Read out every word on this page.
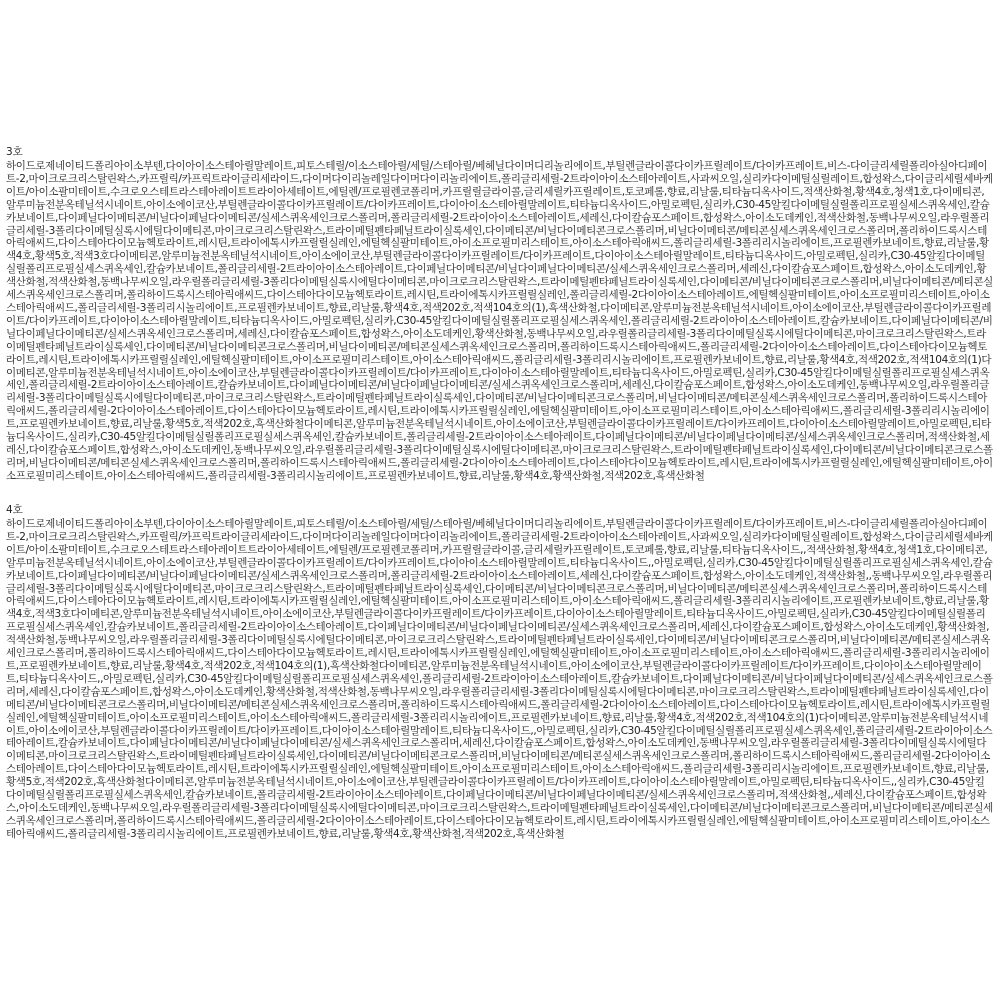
3호

하이드로제네이티드폴리아이소부텐,다이아이소스테아릴말레이트,피토스테릴/이소스테아릴/세틸/스테아릴/베헤닐다이머디리놀리에이트,부틸렌글라이콜다이카프릴레이트/다이카프레이트,비스-다이글리세릴폴리아실아디페이트-2,마이크로크리스탈린왁스,카프릴릭/카프릭트라이글리세라이드,다이머다이리놀레일다이머다이리놀리에이트,폴리글리세릴-2트라이아이소스테아레이트,사과씨오일,실리카다이메틸실릴레이트,합성왁스,다이글리세릴세바케이트/아이소팔미테이트,수크로오스테트라스테아레이트트라이아세테이트,에틸렌/프로필렌코폴리머,카프릴릴글라이콜,글리세릴카프릴레이트,토코페롤,향료,리날룰,티타늄디옥사이드,적색산화철,황색4호,청색1호,다이메티콘,알루미늄전분옥테닐석시네이트,아이소에이코산,부틸렌글라이콜다이카프릴레이트/다이카프레이트,다이아이소스테아릴말레이트,티타늄디옥사이드,아밀로펙틴,실리카,C30-45알킬다이메틸실릴폴리프로필실세스퀴옥세인,칼슘카보네이트,다이페닐다이메티콘/비닐다이페닐다이메티콘/실세스퀴옥세인크로스폴리머,폴리글리세릴-2트라이아이소스테아레이트,세레신,다이칼슘포스페이트,합성왁스,아이소도데케인,적색산화철,동백나무씨오일,라우릴폴리글리세릴-3폴리다이메틸실록시에틸다이메티콘,마이크로크리스탈린왁스,트라이메틸펜타페닐트라이실록세인,다이메티콘/비닐다이메티콘크로스폴리머,비닐다이메티콘/메티콘실세스퀴옥세인크로스폴리머,폴리하이드록시스테아릭애씨드,다이스테아다이모늄헥토라이트,레시틴,트라이에톡시카프릴릴실레인,에틸헥실팔미테이트,아이소프로필미리스테이트,아이소스테아릭애씨드,폴리글리세릴-3폴리리시놀리에이트,프로필렌카보네이트,향료,리날룰,황색4호,황색5호,적색3호다이메티콘,알루미늄전분옥테닐석시네이트,아이소에이코산,부틸렌글라이콜다이카프릴레이트/다이카프레이트,다이아이소스테아릴말레이트,티타늄디옥사이드,아밀로펙틴,실리카,C30-45알킬다이메틸실릴폴리프로필실세스퀴옥세인,칼슘카보네이트,폴리글리세릴-2트라이아이소스테아레이트,다이페닐다이메티콘/비닐다이페닐다이메티콘/실세스퀴옥세인크로스폴리머,세레신,다이칼슘포스페이트,합성왁스,아이소도데케인,황색산화철,적색산화철,동백나무씨오일,라우릴폴리글리세릴-3폴리다이메틸실록시에틸다이메티콘,마이크로크리스탈린왁스,트라이메틸펜타페닐트라이실록세인,다이메티콘/비닐다이메티콘크로스폴리머,비닐다이메티콘/메티콘실세스퀴옥세인크로스폴리머,폴리하이드록시스테아릭애씨드,다이스테아다이모늄헥토라이트,레시틴,트라이에톡시카프릴릴실레인,폴리글리세릴-2다이아이소스테아레이트,에틸헥실팔미테이트,아이소프로필미리스테이트,아이소스테아릭애씨드,폴리글리세릴-3폴리리시놀리에이트,프로필렌카보네이트,향료,리날룰,황색4호,적색202호,적색104호의(1),흑색산화철,다이메티콘,알루미늄전분옥테닐석시네이트,아이소에이코산,부틸렌글라이콜다이카프릴레이트/다이카프레이트,다이아이소스테아릴말레이트,티타늄디옥사이드,아밀로펙틴,실리카,C30-45알킬다이메틸실릴폴리프로필실세스퀴옥세인,폴리글리세릴-2트라이아이소스테아레이트,칼슘카보네이트,다이페닐다이메티콘/비닐다이페닐다이메티콘/실세스퀴옥세인크로스폴리머,세레신,다이칼슘포스페이트,합성왁스,아이소도데케인,황색산화철,동백나무씨오일,라우릴폴리글리세릴-3폴리다이메틸실록시에틸다이메티콘,마이크로크리스탈린왁스,트라이메틸펜타페닐트라이실록세인,다이메티콘/비닐다이메티콘크로스폴리머,비닐다이메티콘/메티콘실세스퀴옥세인크로스폴리머,폴리하이드록시스테아릭애씨드,폴리글리세릴-2다이아이소스테아레이트,다이스테아다이모늄헥토라이트,레시틴,트라이에톡시카프릴릴실레인,에틸헥실팔미테이트,아이소프로필미리스테이트,아이소스테아릭애씨드,폴리글리세릴-3폴리리시놀리에이트,프로필렌카보네이트,향료,리날룰,황색4호,적색202호,적색104호의(1)다이메티콘,알루미늄전분옥테닐석시네이트,아이소에이코산,부틸렌글라이콜다이카프릴레이트/다이카프레이트,다이아이소스테아릴말레이트,티타늄디옥사이드,아밀로펙틴,실리카,C30-45알킬다이메틸실릴폴리프로필실세스퀴옥세인,폴리글리세릴-2트라이아이소스테아레이트,칼슘카보네이트,다이페닐다이메티콘/비닐다이페닐다이메티콘/실세스퀴옥세인크로스폴리머,세레신,다이칼슘포스페이트,합성왁스,아이소도데케인,동백나무씨오일,라우릴폴리글리세릴-3폴리다이메틸실록시에틸다이메티콘,마이크로크리스탈린왁스,트라이메틸펜타페닐트라이실록세인,다이메티콘/비닐다이메티콘크로스폴리머,비닐다이메티콘/메티콘실세스퀴옥세인크로스폴리머,폴리하이드록시스테아릭애씨드,폴리글리세릴-2다이아이소스테아레이트,다이스테아다이모늄헥토라이트,레시틴,트라이에톡시카프릴릴실레인,에틸헥실팔미테이트,아이소프로필미리스테이트,아이소스테아릭애씨드,폴리글리세릴-3폴리리시놀리에이트,프로필렌카보네이트,향료,리날룰,황색5호,적색202호,흑색산화철다이메티콘,알루미늄전분옥테닐석시네이트,아이소에이코산,부틸렌글라이콜다이카프릴레이트/다이카프레이트,다이아이소스테아릴말레이트,아밀로펙틴,티타늄디옥사이드,실리카,C30-45알킬다이메틸실릴폴리프로필실세스퀴옥세인,칼슘카보네이트,폴리글리세릴-2트라이아이소스테아레이트,다이페닐다이메티콘/비닐다이페닐다이메티콘/실세스퀴옥세인크로스폴리머,적색산화철,세레신,다이칼슘포스페이트,합성왁스,아이소도데케인,동백나무씨오일,라우릴폴리글리세릴-3폴리다이메틸실록시에틸다이메티콘,마이크로크리스탈린왁스,트라이메틸펜타페닐트라이실록세인,다이메티콘/비닐다이메티콘크로스폴리머,비닐다이메티콘/메티콘실세스퀴옥세인크로스폴리머,폴리하이드록시스테아릭애씨드,폴리글리세릴-2다이아이소스테아레이트,다이스테아다이모늄헥토라이트,레시틴,트라이에톡시카프릴릴실레인,에틸헥실팔미테이트,아이소프로필미리스테이트,아이소스테아릭애씨드,폴리글리세릴-3폴리리시놀리에이트,프로필렌카보네이트,향료,리날룰,황색4호,황색산화철,적색202호,흑색산화철

4호

하이드로제네이티드폴리아이소부텐,다이아이소스테아릴말레이트,피토스테릴/이소스테아릴/세틸/스테아릴/베헤닐다이머디리놀리에이트,부틸렌글라이콜다이카프릴레이트/다이카프레이트,비스-다이글리세릴폴리아실아디페이트-2,마이크로크리스탈린왁스,카프릴릭/카프릭트라이글리세라이드,다이머다이리놀레일다이머다이리놀리에이트,폴리글리세릴-2트라이아이소스테아레이트,사과씨오일,실리카다이메틸실릴레이트,합성왁스,다이글리세릴세바케이트/아이소팔미테이트,수크로오스테트라스테아레이트트라이아세테이트,에틸렌/프로필렌코폴리머,카프릴릴글라이콜,글리세릴카프릴레이트,토코페롤,향료,리날룰,티타늄디옥사이드,,적색산화철,황색4호,청색1호,다이메티콘,알루미늄전분옥테닐석시네이트,아이소에이코산,부틸렌글라이콜다이카프릴레이트/다이카프레이트,다이아이소스테아릴말레이트,티타늄디옥사이드,,아밀로펙틴,실리카,C30-45알킬다이메틸실릴폴리프로필실세스퀴옥세인,칼슘카보네이트,다이페닐다이메티콘/비닐다이페닐다이메티콘/실세스퀴옥세인크로스폴리머,폴리글리세릴-2트라이아이소스테아레이트,세레신,다이칼슘포스페이트,합성왁스,아이소도데케인,적색산화철,,동백나무씨오일,라우릴폴리글리세릴-3폴리다이메틸실록시에틸다이메티콘,마이크로크리스탈린왁스,트라이메틸펜타페닐트라이실록세인,다이메티콘/비닐다이메티콘크로스폴리머,비닐다이메티콘/메티콘실세스퀴옥세인크로스폴리머,폴리하이드록시스테아릭애씨드,다이스테아다이모늄헥토라이트,레시틴,트라이에톡시카프릴릴실레인,에틸헥실팔미테이트,아이소프로필미리스테이트,아이소스테아릭애씨드,폴리글리세릴-3폴리리시놀리에이트,프로필렌카보네이트,향료,리날룰,황색4호,적색3호다이메티콘,알루미늄전분옥테닐석시네이트,아이소에이코산,부틸렌글라이콜다이카프릴레이트/다이카프레이트,다이아이소스테아릴말레이트,티타늄디옥사이드,아밀로펙틴,실리카,C30-45알킬다이메틸실릴폴리프로필실세스퀴옥세인,칼슘카보네이트,폴리글리세릴-2트라이아이소스테아레이트,다이페닐다이메티콘/비닐다이페닐다이메티콘/실세스퀴옥세인크로스폴리머,세레신,다이칼슘포스페이트,합성왁스,아이소도데케인,황색산화철,적색산화철,동백나무씨오일,라우릴폴리글리세릴-3폴리다이메틸실록시에틸다이메티콘,마이크로크리스탈린왁스,트라이메틸펜타페닐트라이실록세인,다이메티콘/비닐다이메티콘크로스폴리머,비닐다이메티콘/메티콘실세스퀴옥세인크로스폴리머,폴리하이드록시스테아릭애씨드,다이스테아다이모늄헥토라이트,레시틴,트라이에톡시카프릴릴실레인,에틸헥실팔미테이트,아이소프로필미리스테이트,아이소스테아릭애씨드,폴리글리세릴-3폴리리시놀리에이트,프로필렌카보네이트,향료,리날룰,황색4호,적색202호,적색104호의(1),흑색산화철다이메티콘,알루미늄전분옥테닐석시네이트,아이소에이코산,부틸렌글라이콜다이카프릴레이트/다이카프레이트,다이아이소스테아릴말레이트,티타늄디옥사이드,,아밀로펙틴,실리카,C30-45알킬다이메틸실릴폴리프로필실세스퀴옥세인,폴리글리세릴-2트라이아이소스테아레이트,칼슘카보네이트,다이페닐다이메티콘/비닐다이페닐다이메티콘/실세스퀴옥세인크로스폴리머,세레신,다이칼슘포스페이트,합성왁스,아이소도데케인,황색산화철,적색산화철,동백나무씨오일,라우릴폴리글리세릴-3폴리다이메틸실록시에틸다이메티콘,마이크로크리스탈린왁스,트라이메틸펜타페닐트라이실록세인,다이메티콘/비닐다이메티콘크로스폴리머,비닐다이메티콘/메티콘실세스퀴옥세인크로스폴리머,폴리하이드록시스테아릭애씨드,폴리글리세릴-2다이아이소스테아레이트,다이스테아다이모늄헥토라이트,레시틴,트라이에톡시카프릴릴실레인,에틸헥실팔미테이트,아이소프로필미리스테이트,아이소스테아릭애씨드,폴리글리세릴-3폴리리시놀리에이트,프로필렌카보네이트,향료,리날룰,황색4호,적색202호,적색104호의(1)다이메티콘,알루미늄전분옥테닐석시네이트,아이소에이코산,부틸렌글라이콜다이카프릴레이트/다이카프레이트,다이아이소스테아릴말레이트,티타늄디옥사이드,,아밀로펙틴,실리카,C30-45알킬다이메틸실릴폴리프로필실세스퀴옥세인,폴리글리세릴-2트라이아이소스테아레이트,칼슘카보네이트,다이페닐다이메티콘/비닐다이페닐다이메티콘/실세스퀴옥세인크로스폴리머,세레신,다이칼슘포스페이트,합성왁스,아이소도데케인,동백나무씨오일,라우릴폴리글리세릴-3폴리다이메틸실록시에틸다이메티콘,마이크로크리스탈린왁스,트라이메틸펜타페닐트라이실록세인,다이메티콘/비닐다이메티콘크로스폴리머,비닐다이메티콘/메티콘실세스퀴옥세인크로스폴리머,폴리하이드록시스테아릭애씨드,폴리글리세릴-2다이아이소스테아레이트,다이스테아다이모늄헥토라이트,레시틴,트라이에톡시카프릴릴실레인,에틸헥실팔미테이트,아이소프로필미리스테이트,아이소스테아릭애씨드,폴리글리세릴-3폴리리시놀리에이트,프로필렌카보네이트,향료,리날룰,황색5호,적색202호,흑색산화철다이메티콘,알루미늄전분옥테닐석시네이트,아이소에이코산,부틸렌글라이콜다이카프릴레이트/다이카프레이트,다이아이소스테아릴말레이트,아밀로펙틴,티타늄디옥사이드,,실리카,C30-45알킬다이메틸실릴폴리프로필실세스퀴옥세인,칼슘카보네이트,폴리글리세릴-2트라이아이소스테아레이트,다이페닐다이메티콘/비닐다이페닐다이메티콘/실세스퀴옥세인크로스폴리머,적색산화철,,세레신,다이칼슘포스페이트,합성왁스,아이소도데케인,동백나무씨오일,라우릴폴리글리세릴-3폴리다이메틸실록시에틸다이메티콘,마이크로크리스탈린왁스,트라이메틸펜타페닐트라이실록세인,다이메티콘/비닐다이메티콘크로스폴리머,비닐다이메티콘/메티콘실세스퀴옥세인크로스폴리머,폴리하이드록시스테아릭애씨드,폴리글리세릴-2다이아이소스테아레이트,다이스테아다이모늄헥토라이트,레시틴,트라이에톡시카프릴릴실레인,에틸헥실팔미테이트,아이소프로필미리스테이트,아이소스테아릭애씨드,폴리글리세릴-3폴리리시놀리에이트,프로필렌카보네이트,향료,리날룰,황색4호,황색산화철,적색202호,흑색산화철
